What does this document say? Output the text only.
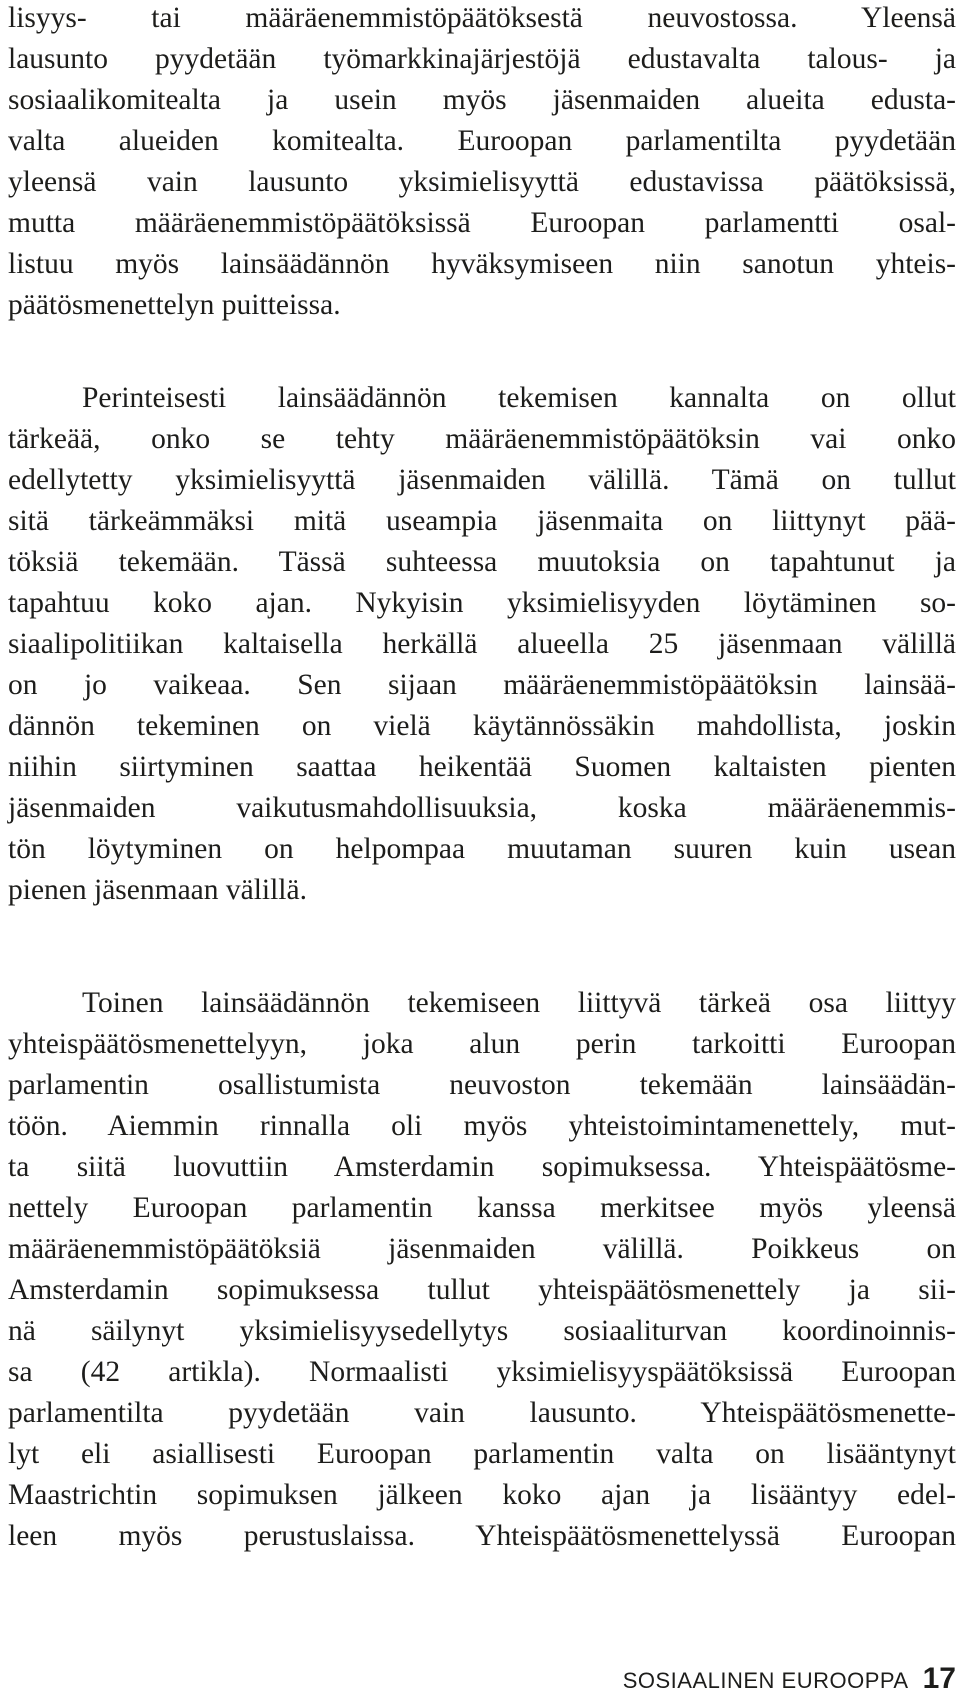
lisyys- tai määräenemmistöpäätöksestä neuvostossa. Yleensä
lausunto pyydetään työmarkkinajärjestöjä edustavalta talous- ja
sosiaalikomitealta ja usein myös jäsenmaiden alueita edusta-
valta alueiden komitealta. Euroopan parlamentilta pyydetään
yleensä vain lausunto yksimielisyyttä edustavissa päätöksissä,
mutta määräenemmistöpäätöksissä Euroopan parlamentti osal-
listuu myös lainsäädännön hyväksymiseen niin sanotun yhteis-
päätösmenettelyn puitteissa.
Perinteisesti lainsäädännön tekemisen kannalta on ollut
tärkeää, onko se tehty määräenemmistöpäätöksin vai onko
edellytetty yksimielisyyttä jäsenmaiden välillä. Tämä on tullut
sitä tärkeämmäksi mitä useampia jäsenmaita on liittynyt pää-
töksiä tekemään. Tässä suhteessa muutoksia on tapahtunut ja
tapahtuu koko ajan. Nykyisin yksimielisyyden löytäminen so-
siaalipolitiikan kaltaisella herkällä alueella 25 jäsenmaan välillä
on jo vaikeaa. Sen sijaan määräenemmistöpäätöksin lainsää-
dännön tekeminen on vielä käytännössäkin mahdollista, joskin
niihin siirtyminen saattaa heikentää Suomen kaltaisten pienten
jäsenmaiden vaikutusmahdollisuuksia, koska määräenemmis-
tön löytyminen on helpompaa muutaman suuren kuin usean
pienen jäsenmaan välillä.
Toinen lainsäädännön tekemiseen liittyvä tärkeä osa liittyy
yhteispäätösmenettelyyn, joka alun perin tarkoitti Euroopan
parlamentin osallistumista neuvoston tekemään lainsäädän-
töön. Aiemmin rinnalla oli myös yhteistoimintamenettely, mut-
ta siitä luovuttiin Amsterdamin sopimuksessa. Yhteispäätösme-
nettely Euroopan parlamentin kanssa merkitsee myös yleensä
määräenemmistöpäätöksiä jäsenmaiden välillä. Poikkeus on
Amsterdamin sopimuksessa tullut yhteispäätösmenettely ja sii-
nä säilynyt yksimielisyysedellytys sosiaaliturvan koordinoinnis-
sa (42 artikla). Normaalisti yksimielisyyspäätöksissä Euroopan
parlamentilta pyydetään vain lausunto. Yhteispäätösmenette-
lyt eli asiallisesti Euroopan parlamentin valta on lisääntynyt
Maastrichtin sopimuksen jälkeen koko ajan ja lisääntyy edel-
leen myös perustuslaissa. Yhteispäätösmenettelyssä Euroopan
SOSIAALINEN EUROOPPA 17
